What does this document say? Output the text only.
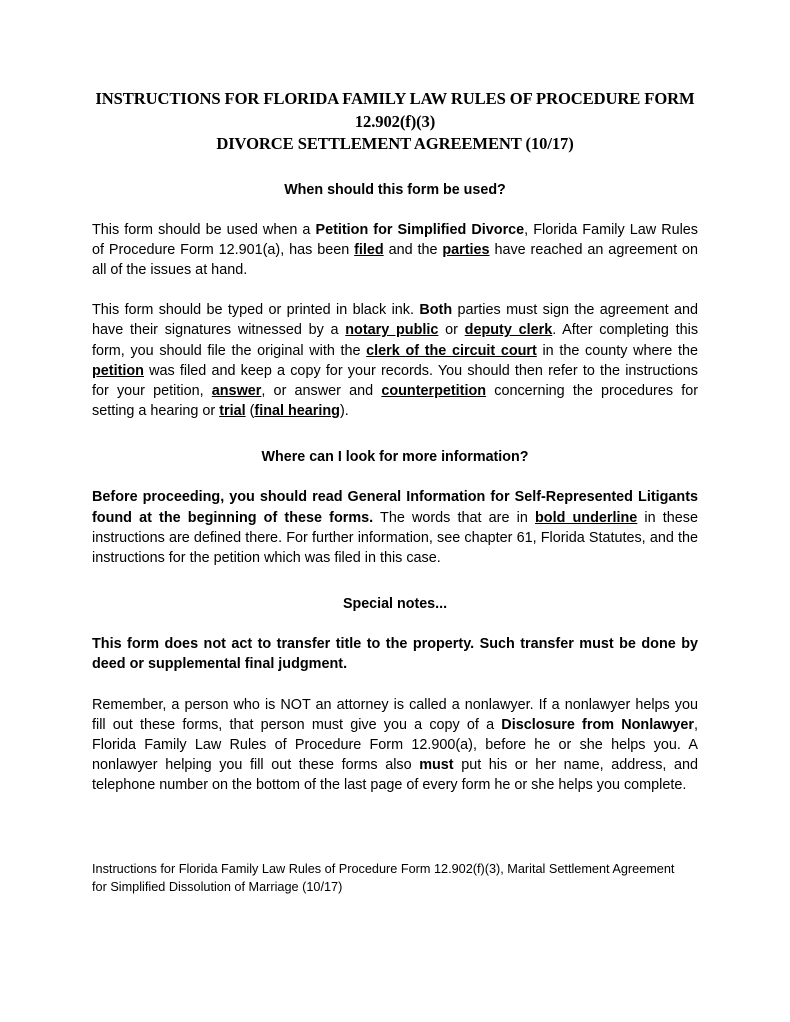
INSTRUCTIONS FOR FLORIDA FAMILY LAW RULES OF PROCEDURE FORM
12.902(f)(3)
DIVORCE SETTLEMENT AGREEMENT (10/17)
When should this form be used?

This form should be used when a Petition for Simplified Divorce, Florida Family Law Rules of Procedure Form 12.901(a), has been filed and the parties have reached an agreement on all of the issues at hand.

This form should be typed or printed in black ink. Both parties must sign the agreement and have their signatures witnessed by a notary public or deputy clerk. After completing this form, you should file the original with the clerk of the circuit court in the county where the petition was filed and keep a copy for your records. You should then refer to the instructions for your petition, answer, or answer and counterpetition concerning the procedures for setting a hearing or trial (final hearing).

Where can I look for more information?

Before proceeding, you should read General Information for Self-Represented Litigants found at the beginning of these forms. The words that are in bold underline in these instructions are defined there. For further information, see chapter 61, Florida Statutes, and the instructions for the petition which was filed in this case.

Special notes...

This form does not act to transfer title to the property. Such transfer must be done by deed or supplemental final judgment.

Remember, a person who is NOT an attorney is called a nonlawyer. If a nonlawyer helps you fill out these forms, that person must give you a copy of a Disclosure from Nonlawyer, Florida Family Law Rules of Procedure Form 12.900(a), before he or she helps you. A nonlawyer helping you fill out these forms also must put his or her name, address, and telephone number on the bottom of the last page of every form he or she helps you complete.

Instructions for Florida Family Law Rules of Procedure Form 12.902(f)(3), Marital Settlement Agreement
for Simplified Dissolution of Marriage (10/17)
